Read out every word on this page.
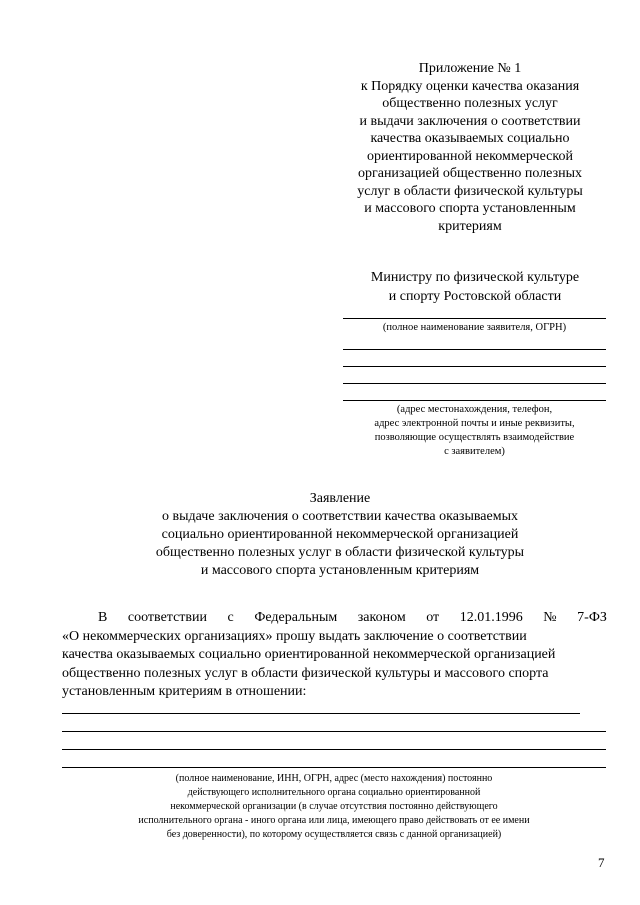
Приложение № 1
к Порядку оценки качества оказания
общественно полезных услуг
и выдачи заключения о соответствии
качества оказываемых социально
ориентированной некоммерческой
организацией общественно полезных
услуг в области физической культуры
и массового спорта установленным
критериям
Министру по физической культуре
и спорту Ростовской области
(полное наименование заявителя, ОГРН)
(адрес местонахождения, телефон,
адрес электронной почты и иные реквизиты,
позволяющие осуществлять взаимодействие
с заявителем)
Заявление
о выдаче заключения о соответствии качества оказываемых
социально ориентированной некоммерческой организацией
общественно полезных услуг в области физической культуры
и массового спорта установленным критериям
В соответствии с Федеральным законом от 12.01.1996 № 7-ФЗ
«О некоммерческих организациях» прошу выдать заключение о соответствии
качества оказываемых социально ориентированной некоммерческой организацией
общественно полезных услуг в области физической культуры и массового спорта
установленным критериям в отношении:
(полное наименование, ИНН, ОГРН, адрес (место нахождения) постоянно
действующего исполнительного органа социально ориентированной
некоммерческой организации (в случае отсутствия постоянно действующего
исполнительного органа - иного органа или лица, имеющего право действовать от ее имени
без доверенности), по которому осуществляется связь с данной организацией)
7
